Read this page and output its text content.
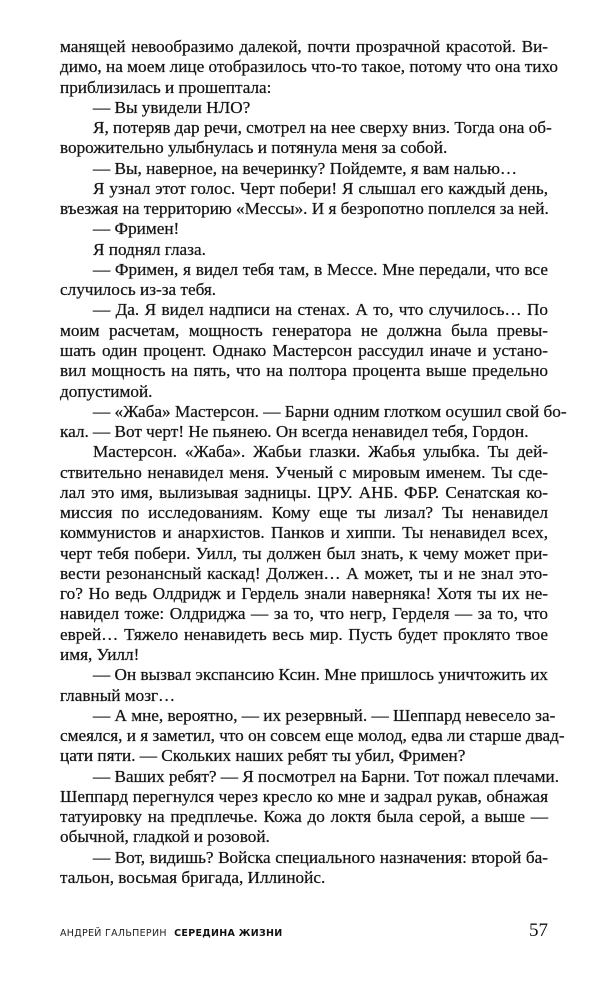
манящей невообразимо далекой, почти прозрачной красотой. Ви-
димо, на моем лице отобразилось что-то такое, потому что она тихо
приблизилась и прошептала:
— Вы увидели НЛО?
Я, потеряв дар речи, смотрел на нее сверху вниз. Тогда она об-
ворожительно улыбнулась и потянула меня за собой.
— Вы, наверное, на вечеринку? Пойдемте, я вам налью…
Я узнал этот голос. Черт побери! Я слышал его каждый день,
въезжая на территорию «Мессы». И я безропотно поплелся за ней.
— Фримен!
Я поднял глаза.
— Фримен, я видел тебя там, в Мессе. Мне передали, что все
случилось из-за тебя.
— Да. Я видел надписи на стенах. А то, что случилось… По
моим расчетам, мощность генератора не должна была превы-
шать один процент. Однако Мастерсон рассудил иначе и устано-
вил мощность на пять, что на полтора процента выше предельно
допустимой.
— «Жаба» Мастерсон. — Барни одним глотком осушил свой бо-
кал. — Вот черт! Не пьянею. Он всегда ненавидел тебя, Гордон.
Мастерсон. «Жаба». Жабьи глазки. Жабья улыбка. Ты дей-
ствительно ненавидел меня. Ученый с мировым именем. Ты сде-
лал это имя, вылизывая задницы. ЦРУ. АНБ. ФБР. Сенатская ко-
миссия по исследованиям. Кому еще ты лизал? Ты ненавидел
коммунистов и анархистов. Панков и хиппи. Ты ненавидел всех,
черт тебя побери. Уилл, ты должен был знать, к чему может при-
вести резонансный каскад! Должен… А может, ты и не знал это-
го? Но ведь Олдридж и Гердель знали наверняка! Хотя ты их не-
навидел тоже: Олдриджа — за то, что негр, Герделя — за то, что
еврей… Тяжело ненавидеть весь мир. Пусть будет проклято твое
имя, Уилл!
— Он вызвал экспансию Ксин. Мне пришлось уничтожить их
главный мозг…
— А мне, вероятно, — их резервный. — Шеппард невесело за-
смеялся, и я заметил, что он совсем еще молод, едва ли старше двад-
цати пяти. — Скольких наших ребят ты убил, Фримен?
— Ваших ребят? — Я посмотрел на Барни. Тот пожал плечами.
Шеппард перегнулся через кресло ко мне и задрал рукав, обнажая
татуировку на предплечье. Кожа до локтя была серой, а выше —
обычной, гладкой и розовой.
— Вот, видишь? Войска специального назначения: второй ба-
тальон, восьмая бригада, Иллинойс.
АНДРЕЙ ГАЛЬПЕРИН СЕРЕДИНА ЖИЗНИ	57
